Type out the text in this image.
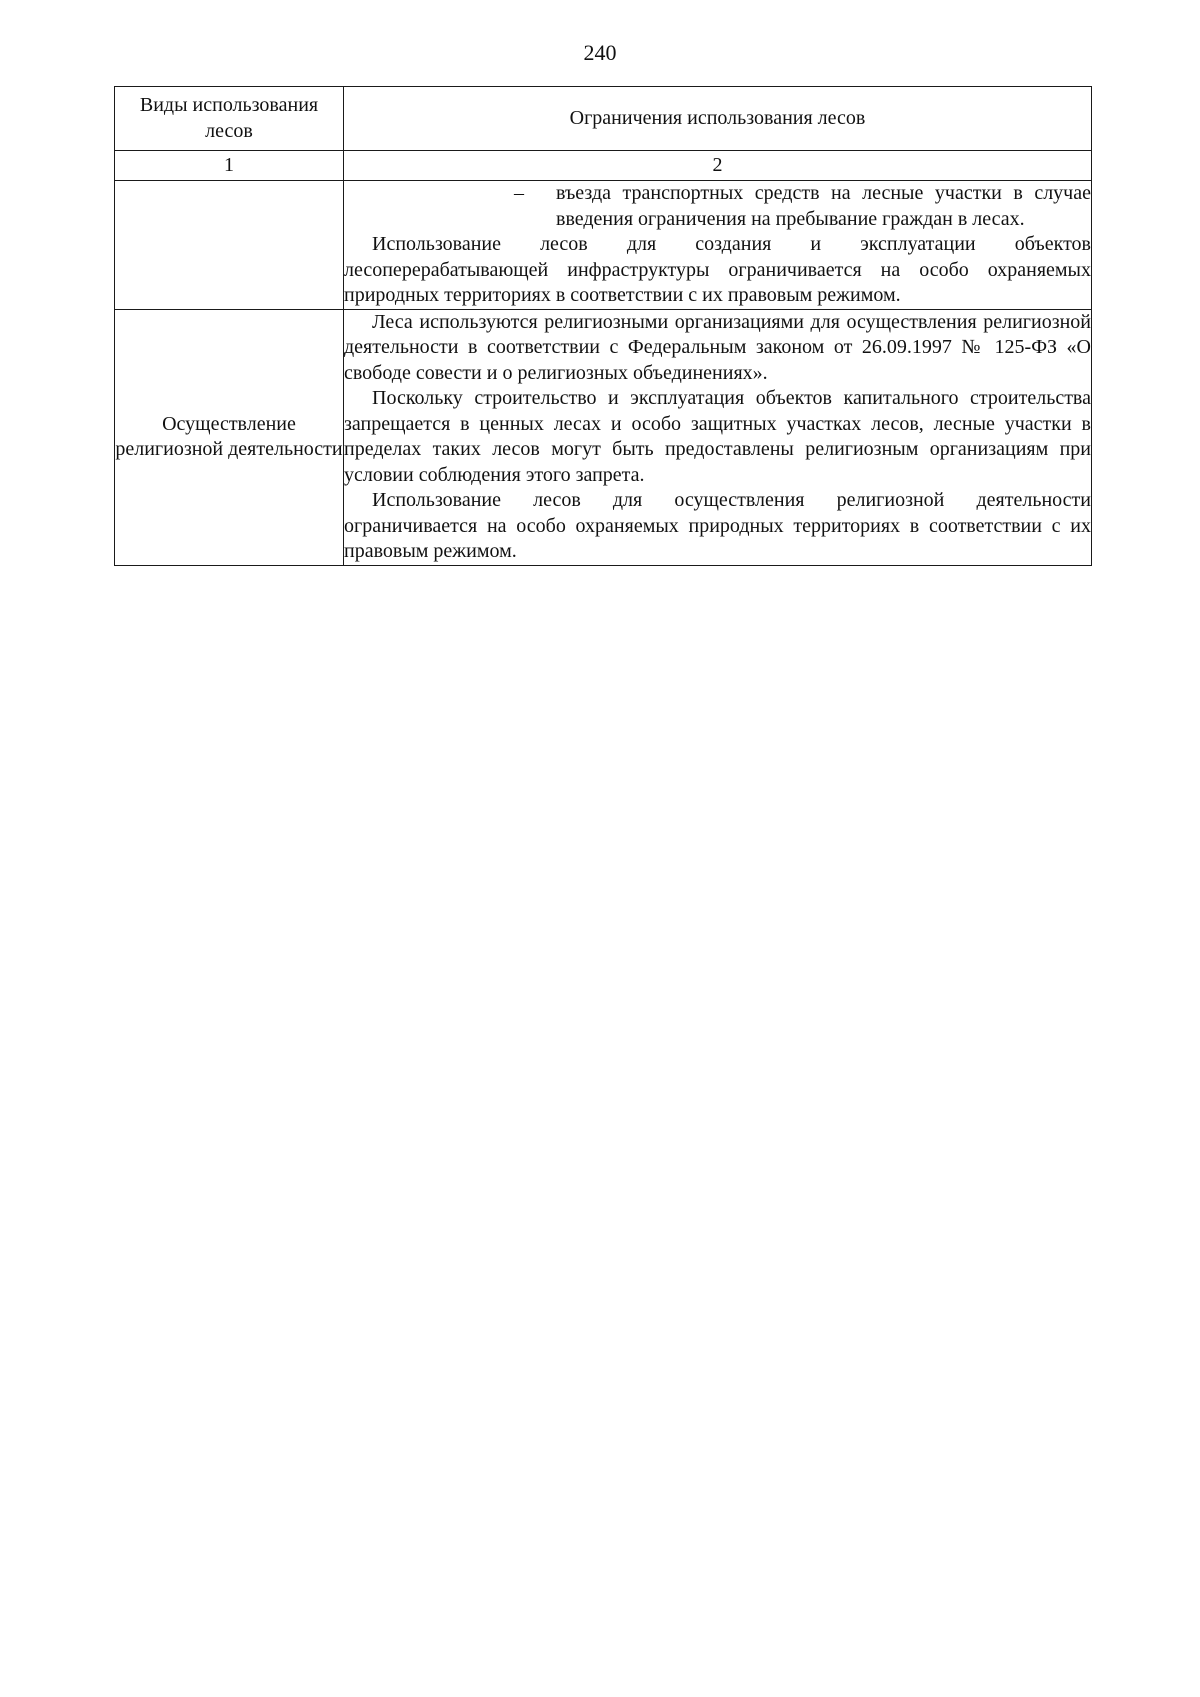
240
Виды использования лесов	Ограничения использования лесов
1	2

	– въезда транспортных средств на лесные участки в случае введения ограничения на пребывание граждан в лесах.

Использование лесов для создания и эксплуатации объектов лесоперерабатывающей инфраструктуры ограничивается на особо охраняемых природных территориях в соответствии с их правовым режимом.

Осуществление религиозной деятельности	Леса используются религиозными организациями для осуществления религиозной деятельности в соответствии с Федеральным законом от 26.09.1997 № 125-ФЗ «О свободе совести и о религиозных объединениях».

Поскольку строительство и эксплуатация объектов капитального строительства запрещается в ценных лесах и особо защитных участках лесов, лесные участки в пределах таких лесов могут быть предоставлены религиозным организациям при условии соблюдения этого запрета.

Использование лесов для осуществления религиозной деятельности ограничивается на особо охраняемых природных территориях в соответствии с их правовым режимом.
